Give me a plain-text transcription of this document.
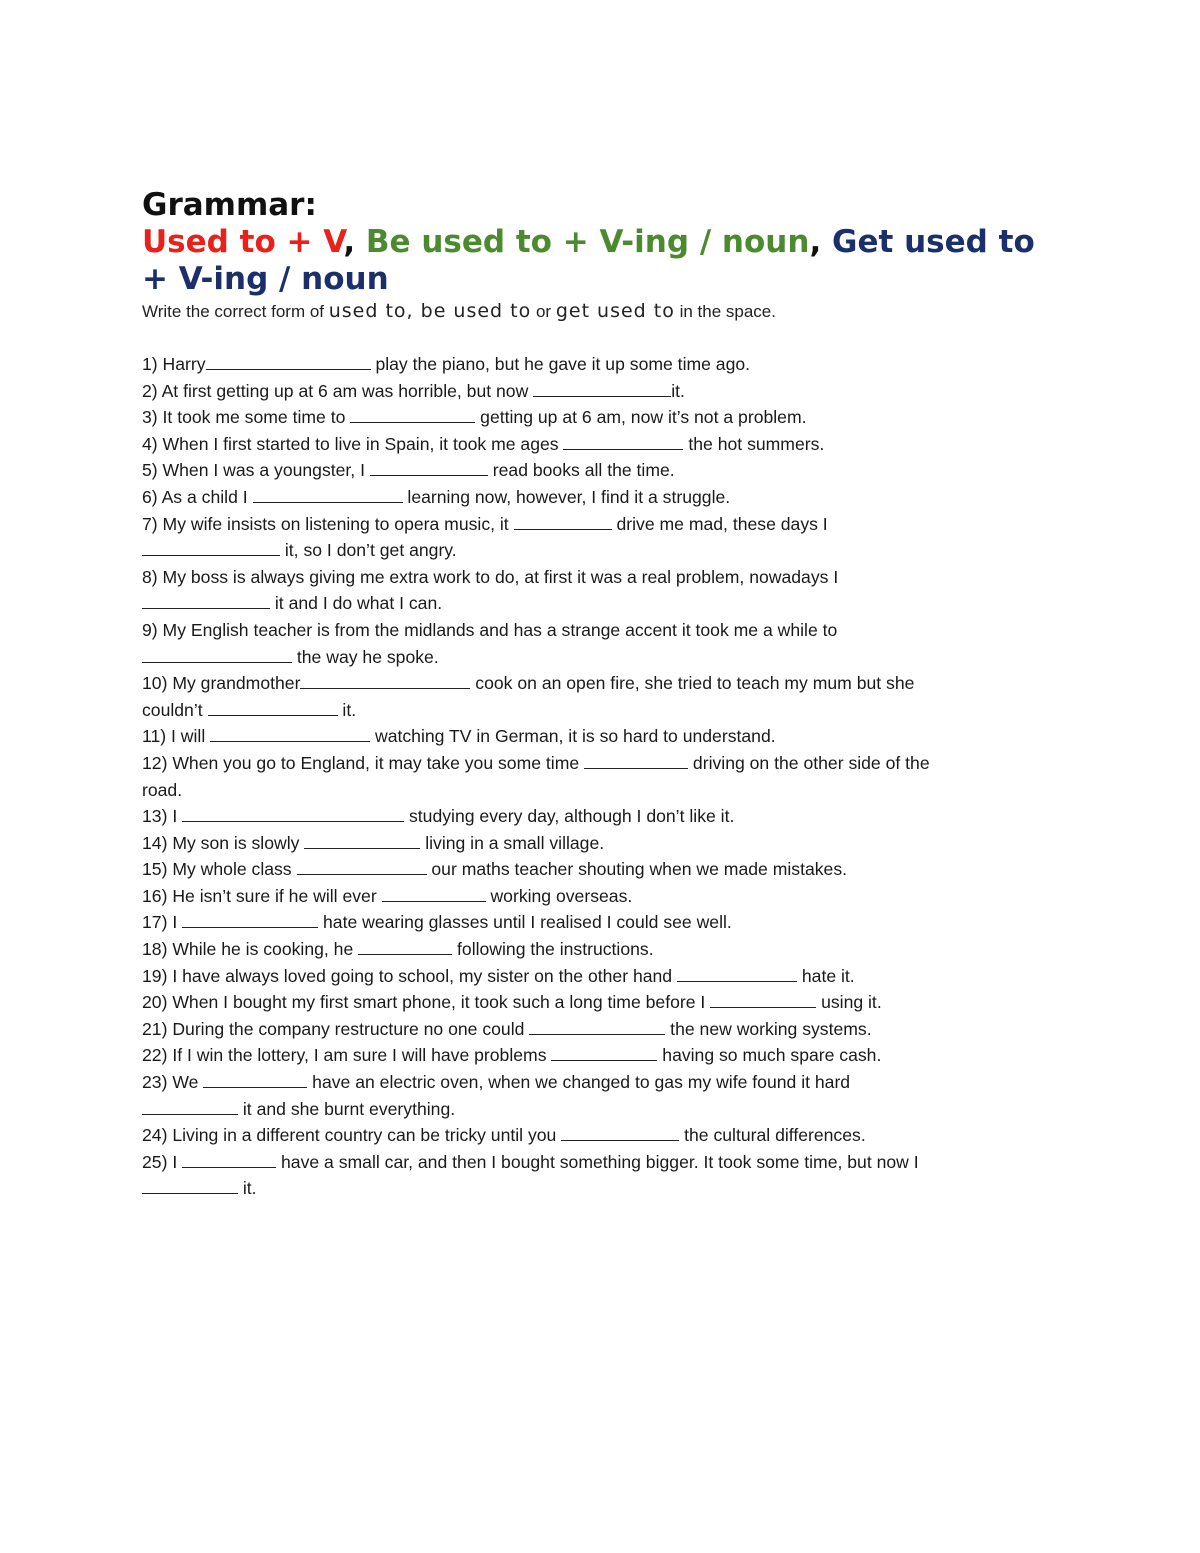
Grammar:
Used to + V, Be used to + V-ing / noun, Get used to
+ V-ing / noun

Write the correct form of used to, be used to or get used to in the space.

1) Harry	play the piano, but he gave it up some time ago.
2) At first getting up at 6 am was horrible, but now	it.
3) It took me some time to	getting up at 6 am, now it’s not a problem.
4) When I first started to live in Spain, it took me ages	the hot summers.
5) When I was a youngster, I	read books all the time.
6) As a child I	learning now, however, I find it a struggle.
7) My wife insists on listening to opera music, it	drive me mad, these days I
it, so I don’t get angry.
8) My boss is always giving me extra work to do, at first it was a real problem, nowadays I
it and I do what I can.
9) My English teacher is from the midlands and has a strange accent it took me a while to
the way he spoke.
10) My grandmother	cook on an open fire, she tried to teach my mum but she
couldn’t	it.
11) I will	watching TV in German, it is so hard to understand.
12) When you go to England, it may take you some time	driving on the other side of the
road.
13) I	studying every day, although I don’t like it.
14) My son is slowly	living in a small village.
15) My whole class	our maths teacher shouting when we made mistakes.
16) He isn’t sure if he will ever	working overseas.
17) I	hate wearing glasses until I realised I could see well.
18) While he is cooking, he	following the instructions.
19) I have always loved going to school, my sister on the other hand	hate it.
20) When I bought my first smart phone, it took such a long time before I	using it.
21) During the company restructure no one could	the new working systems.
22) If I win the lottery, I am sure I will have problems	having so much spare cash.
23) We	have an electric oven, when we changed to gas my wife found it hard
it and she burnt everything.
24) Living in a different country can be tricky until you	the cultural differences.
25) I	have a small car, and then I bought something bigger. It took some time, but now I
it.
